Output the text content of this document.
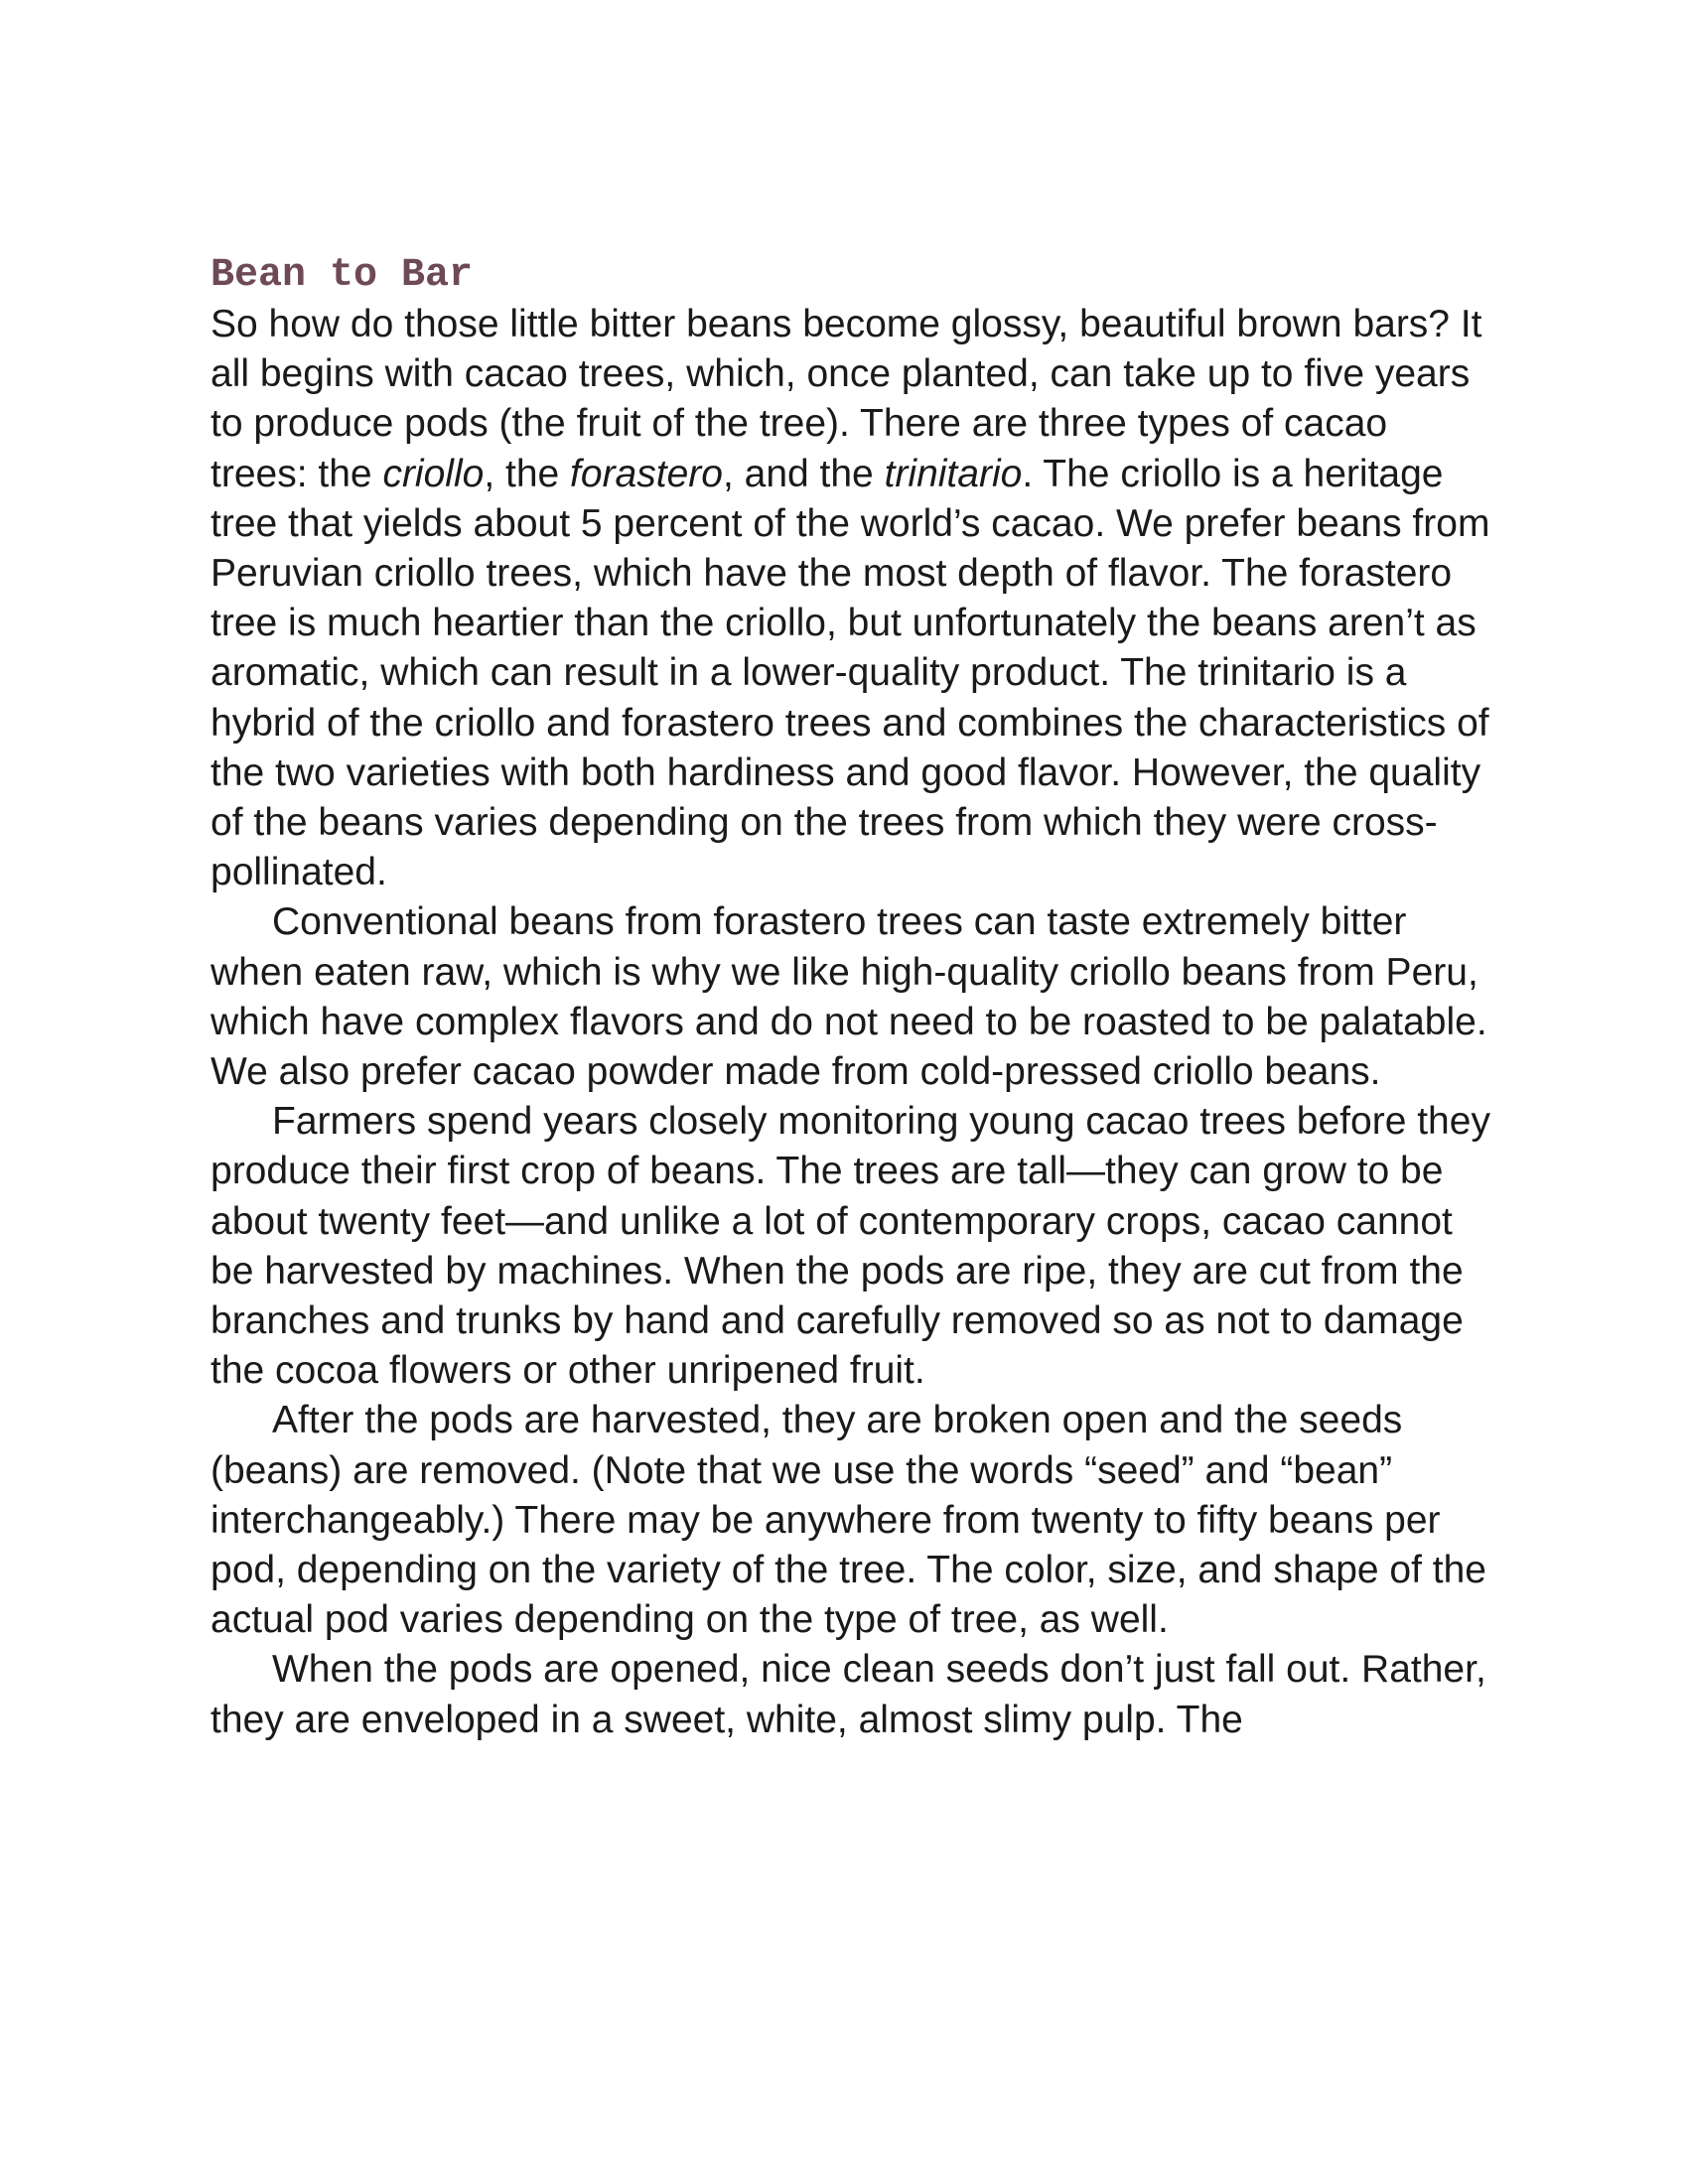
Bean to Bar

So how do those little bitter beans become glossy, beautiful brown bars? It all begins with cacao trees, which, once planted, can take up to five years to produce pods (the fruit of the tree). There are three types of cacao trees: the criollo, the forastero, and the trinitario. The criollo is a heritage tree that yields about 5 percent of the world’s cacao. We prefer beans from Peruvian criollo trees, which have the most depth of flavor. The forastero tree is much heartier than the criollo, but unfortunately the beans aren’t as aromatic, which can result in a lower-quality product. The trinitario is a hybrid of the criollo and forastero trees and combines the characteristics of the two varieties with both hardiness and good flavor. However, the quality of the beans varies depending on the trees from which they were cross-pollinated.

Conventional beans from forastero trees can taste extremely bitter when eaten raw, which is why we like high-quality criollo beans from Peru, which have complex flavors and do not need to be roasted to be palatable. We also prefer cacao powder made from cold-pressed criollo beans.

Farmers spend years closely monitoring young cacao trees before they produce their first crop of beans. The trees are tall—they can grow to be about twenty feet—and unlike a lot of contemporary crops, cacao cannot be harvested by machines. When the pods are ripe, they are cut from the branches and trunks by hand and carefully removed so as not to damage the cocoa flowers or other unripened fruit.

After the pods are harvested, they are broken open and the seeds (beans) are removed. (Note that we use the words “seed” and “bean” interchangeably.) There may be anywhere from twenty to fifty beans per pod, depending on the variety of the tree. The color, size, and shape of the actual pod varies depending on the type of tree, as well.

When the pods are opened, nice clean seeds don’t just fall out. Rather, they are enveloped in a sweet, white, almost slimy pulp. The
